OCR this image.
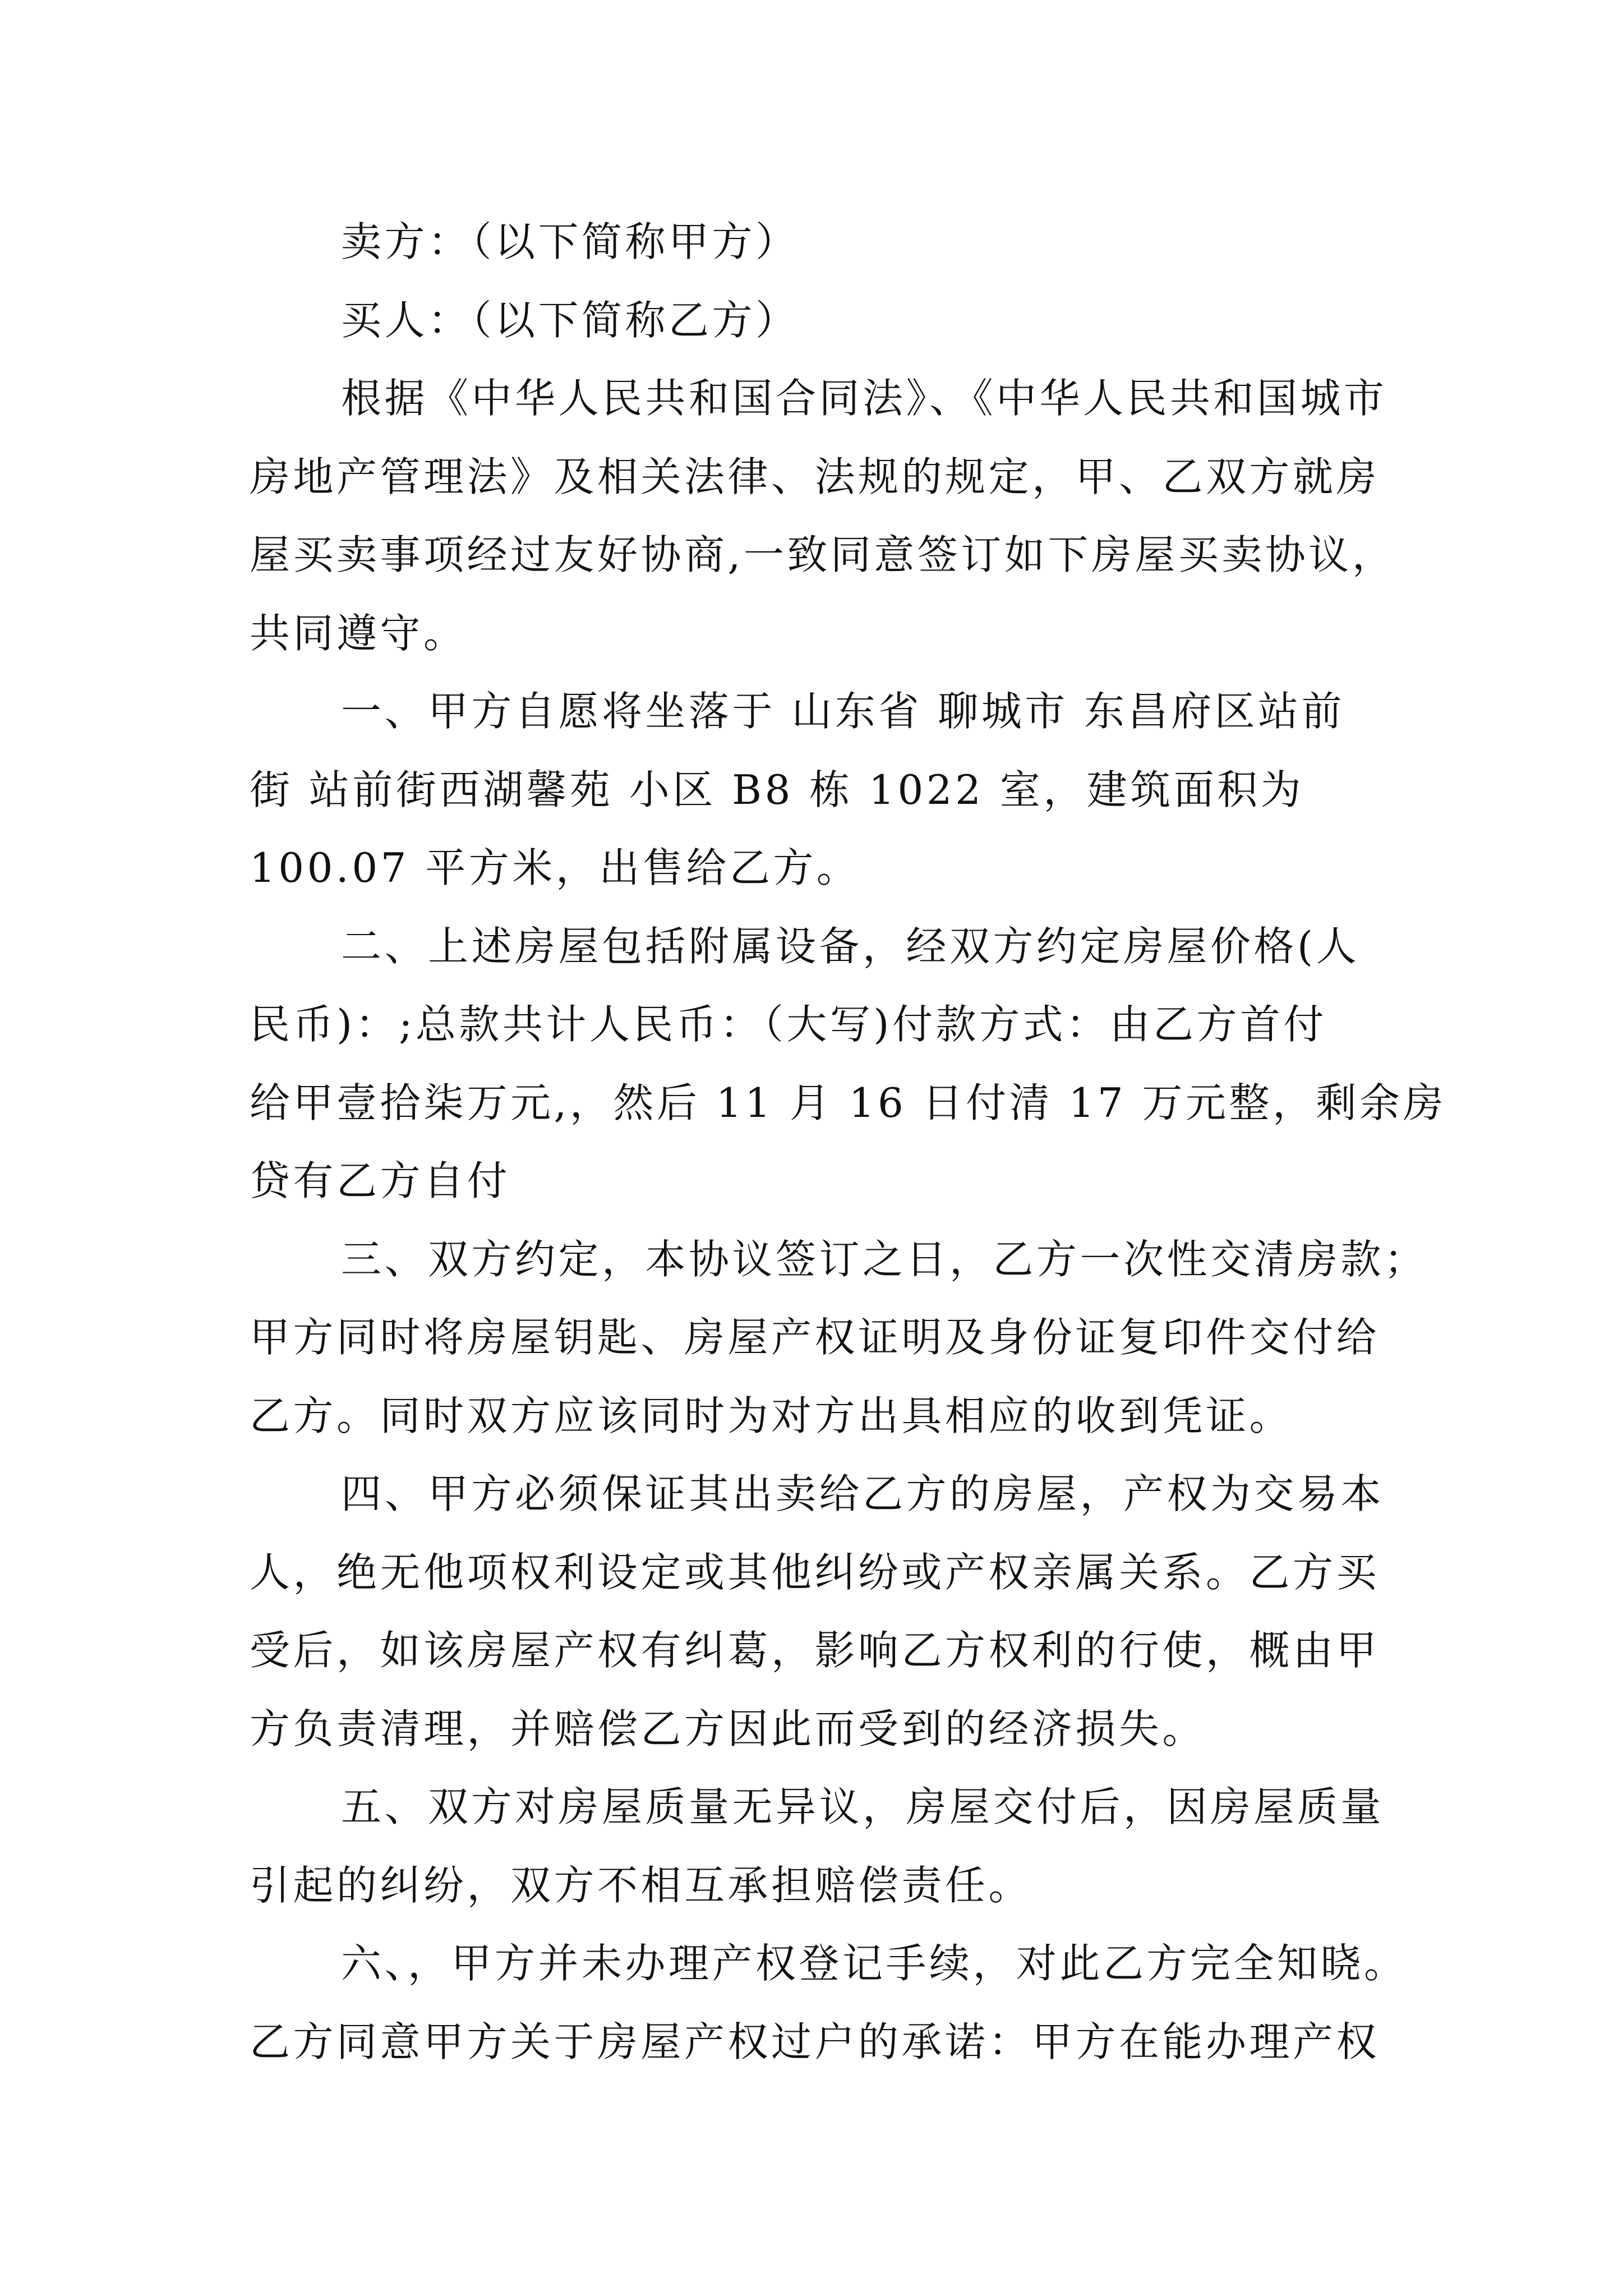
卖方：（以下简称甲方）
买人：（以下简称乙方）
根据《中华人民共和国合同法》、《中华人民共和国城市
房地产管理法》及相关法律、法规的规定，甲、乙双方就房
屋买卖事项经过友好协商,一致同意签订如下房屋买卖协议，
共同遵守。
一、甲方自愿将坐落于 山东省 聊城市 东昌府区站前
街 站前街西湖馨苑 小区 B8 栋 1022 室，建筑面积为
100.07 平方米，出售给乙方。
二、上述房屋包括附属设备，经双方约定房屋价格(人
民币)：;总款共计人民币：（大写)付款方式：由乙方首付
给甲壹拾柒万元,，然后 11 月 16 日付清 17 万元整，剩余房
贷有乙方自付
三、双方约定，本协议签订之日，乙方一次性交清房款；
甲方同时将房屋钥匙、房屋产权证明及身份证复印件交付给
乙方。同时双方应该同时为对方出具相应的收到凭证。
四、甲方必须保证其出卖给乙方的房屋，产权为交易本
人，绝无他项权利设定或其他纠纷或产权亲属关系。乙方买
受后，如该房屋产权有纠葛，影响乙方权利的行使，概由甲
方负责清理，并赔偿乙方因此而受到的经济损失。
五、双方对房屋质量无异议，房屋交付后，因房屋质量
引起的纠纷，双方不相互承担赔偿责任。
六、，甲方并未办理产权登记手续，对此乙方完全知晓。
乙方同意甲方关于房屋产权过户的承诺：甲方在能办理产权
